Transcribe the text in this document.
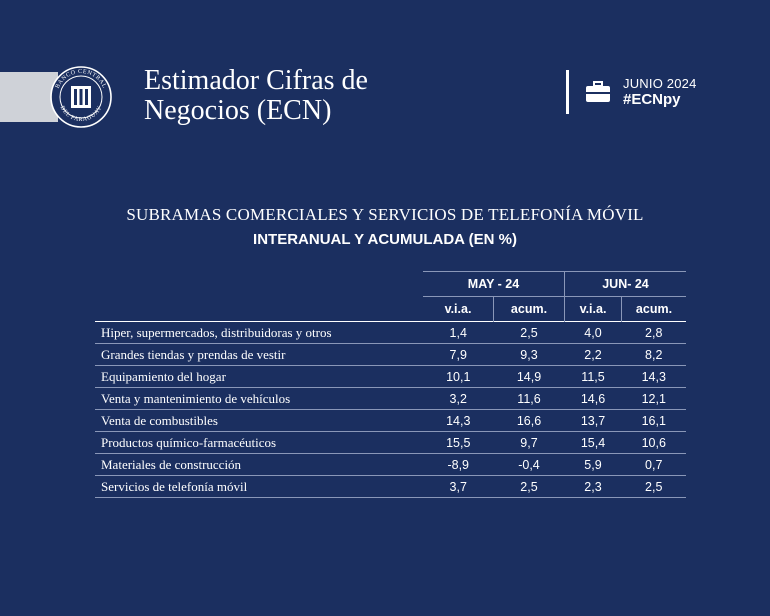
BANCO CENTRAL
DEL PARAGUAY
Estimador Cifras de
Negocios (ECN)
JUNIO 2024
#ECNpy
SUBRAMAS COMERCIALES Y SERVICIOS DE TELEFONÍA MÓVIL
INTERANUAL Y ACUMULADA (EN %)
	MAY - 24		JUN- 24	
	v.i.a.	acum.	v.i.a.	acum.
Hiper, supermercados, distribuidoras y otros	1,4	2,5	4,0	2,8
Grandes tiendas y prendas de vestir	7,9	9,3	2,2	8,2
Equipamiento del hogar	10,1	14,9	11,5	14,3
Venta y mantenimiento de vehículos	3,2	11,6	14,6	12,1
Venta de combustibles	14,3	16,6	13,7	16,1
Productos químico-farmacéuticos	15,5	9,7	15,4	10,6
Materiales de construcción	-8,9	-0,4	5,9	0,7
Servicios de telefonía móvil	3,7	2,5	2,3	2,5
